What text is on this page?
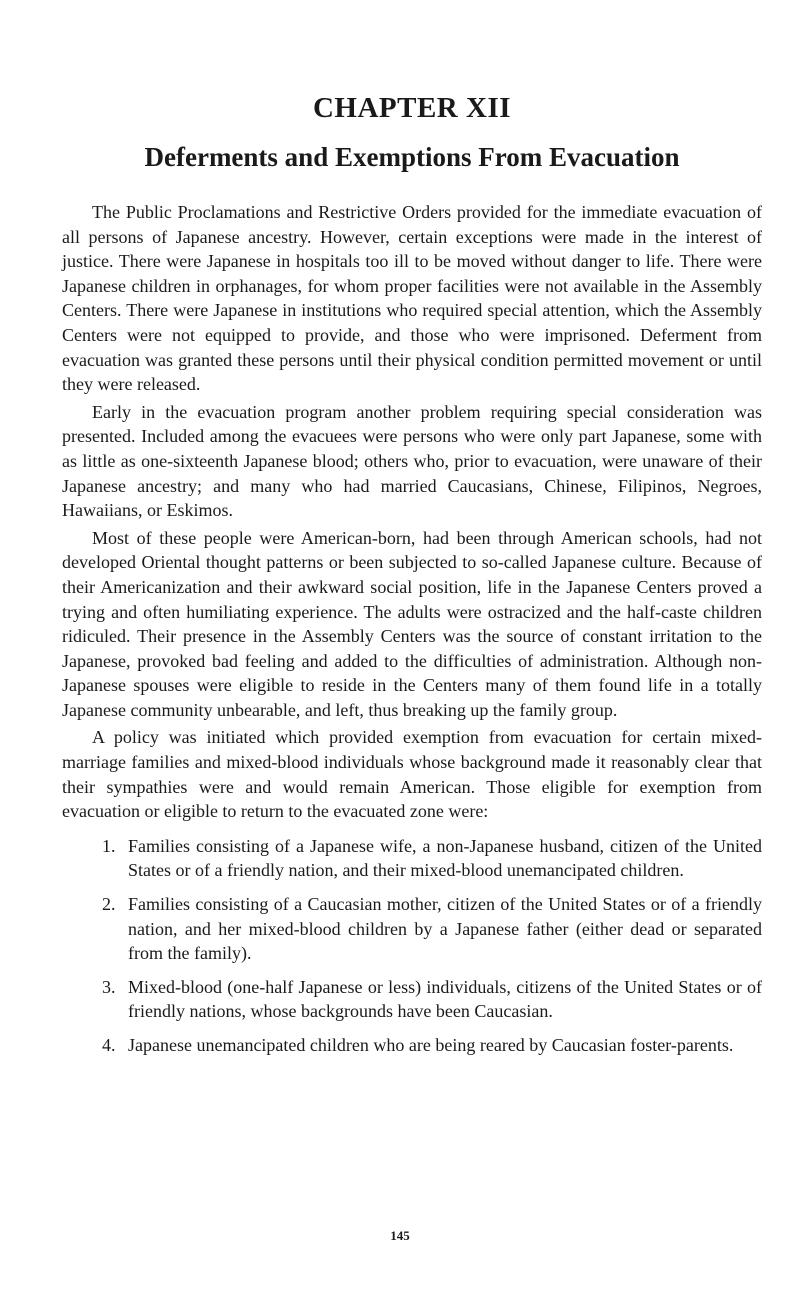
CHAPTER XII
Deferments and Exemptions From Evacuation

The Public Proclamations and Restrictive Orders provided for the immediate evacuation of all persons of Japanese ancestry. However, certain exceptions were made in the interest of justice. There were Japanese in hospitals too ill to be moved without danger to life. There were Japanese children in orphanages, for whom proper facilities were not available in the Assembly Centers. There were Japanese in institutions who required special attention, which the Assembly Centers were not equipped to provide, and those who were imprisoned. Deferment from evacuation was granted these persons until their physical condition permitted movement or until they were released.

Early in the evacuation program another problem requiring special consideration was presented. Included among the evacuees were persons who were only part Japanese, some with as little as one-sixteenth Japanese blood; others who, prior to evacuation, were unaware of their Japanese ancestry; and many who had married Caucasians, Chinese, Filipinos, Negroes, Hawaiians, or Eskimos.

Most of these people were American-born, had been through American schools, had not developed Oriental thought patterns or been subjected to so-called Japanese culture. Because of their Americanization and their awkward social position, life in the Japanese Centers proved a trying and often humiliating experience. The adults were ostracized and the half-caste children ridiculed. Their presence in the Assembly Centers was the source of constant irritation to the Japanese, provoked bad feeling and added to the difficulties of administration. Although non-Japanese spouses were eligible to reside in the Centers many of them found life in a totally Japanese community unbearable, and left, thus breaking up the family group.

A policy was initiated which provided exemption from evacuation for certain mixed-marriage families and mixed-blood individuals whose background made it reasonably clear that their sympathies were and would remain American. Those eligible for exemption from evacuation or eligible to return to the evacuated zone were:

1. Families consisting of a Japanese wife, a non-Japanese husband, citizen of the United States or of a friendly nation, and their mixed-blood unemancipated children.
2. Families consisting of a Caucasian mother, citizen of the United States or of a friendly nation, and her mixed-blood children by a Japanese father (either dead or separated from the family).
3. Mixed-blood (one-half Japanese or less) individuals, citizens of the United States or of friendly nations, whose backgrounds have been Caucasian.
4. Japanese unemancipated children who are being reared by Caucasian foster-parents.
145
